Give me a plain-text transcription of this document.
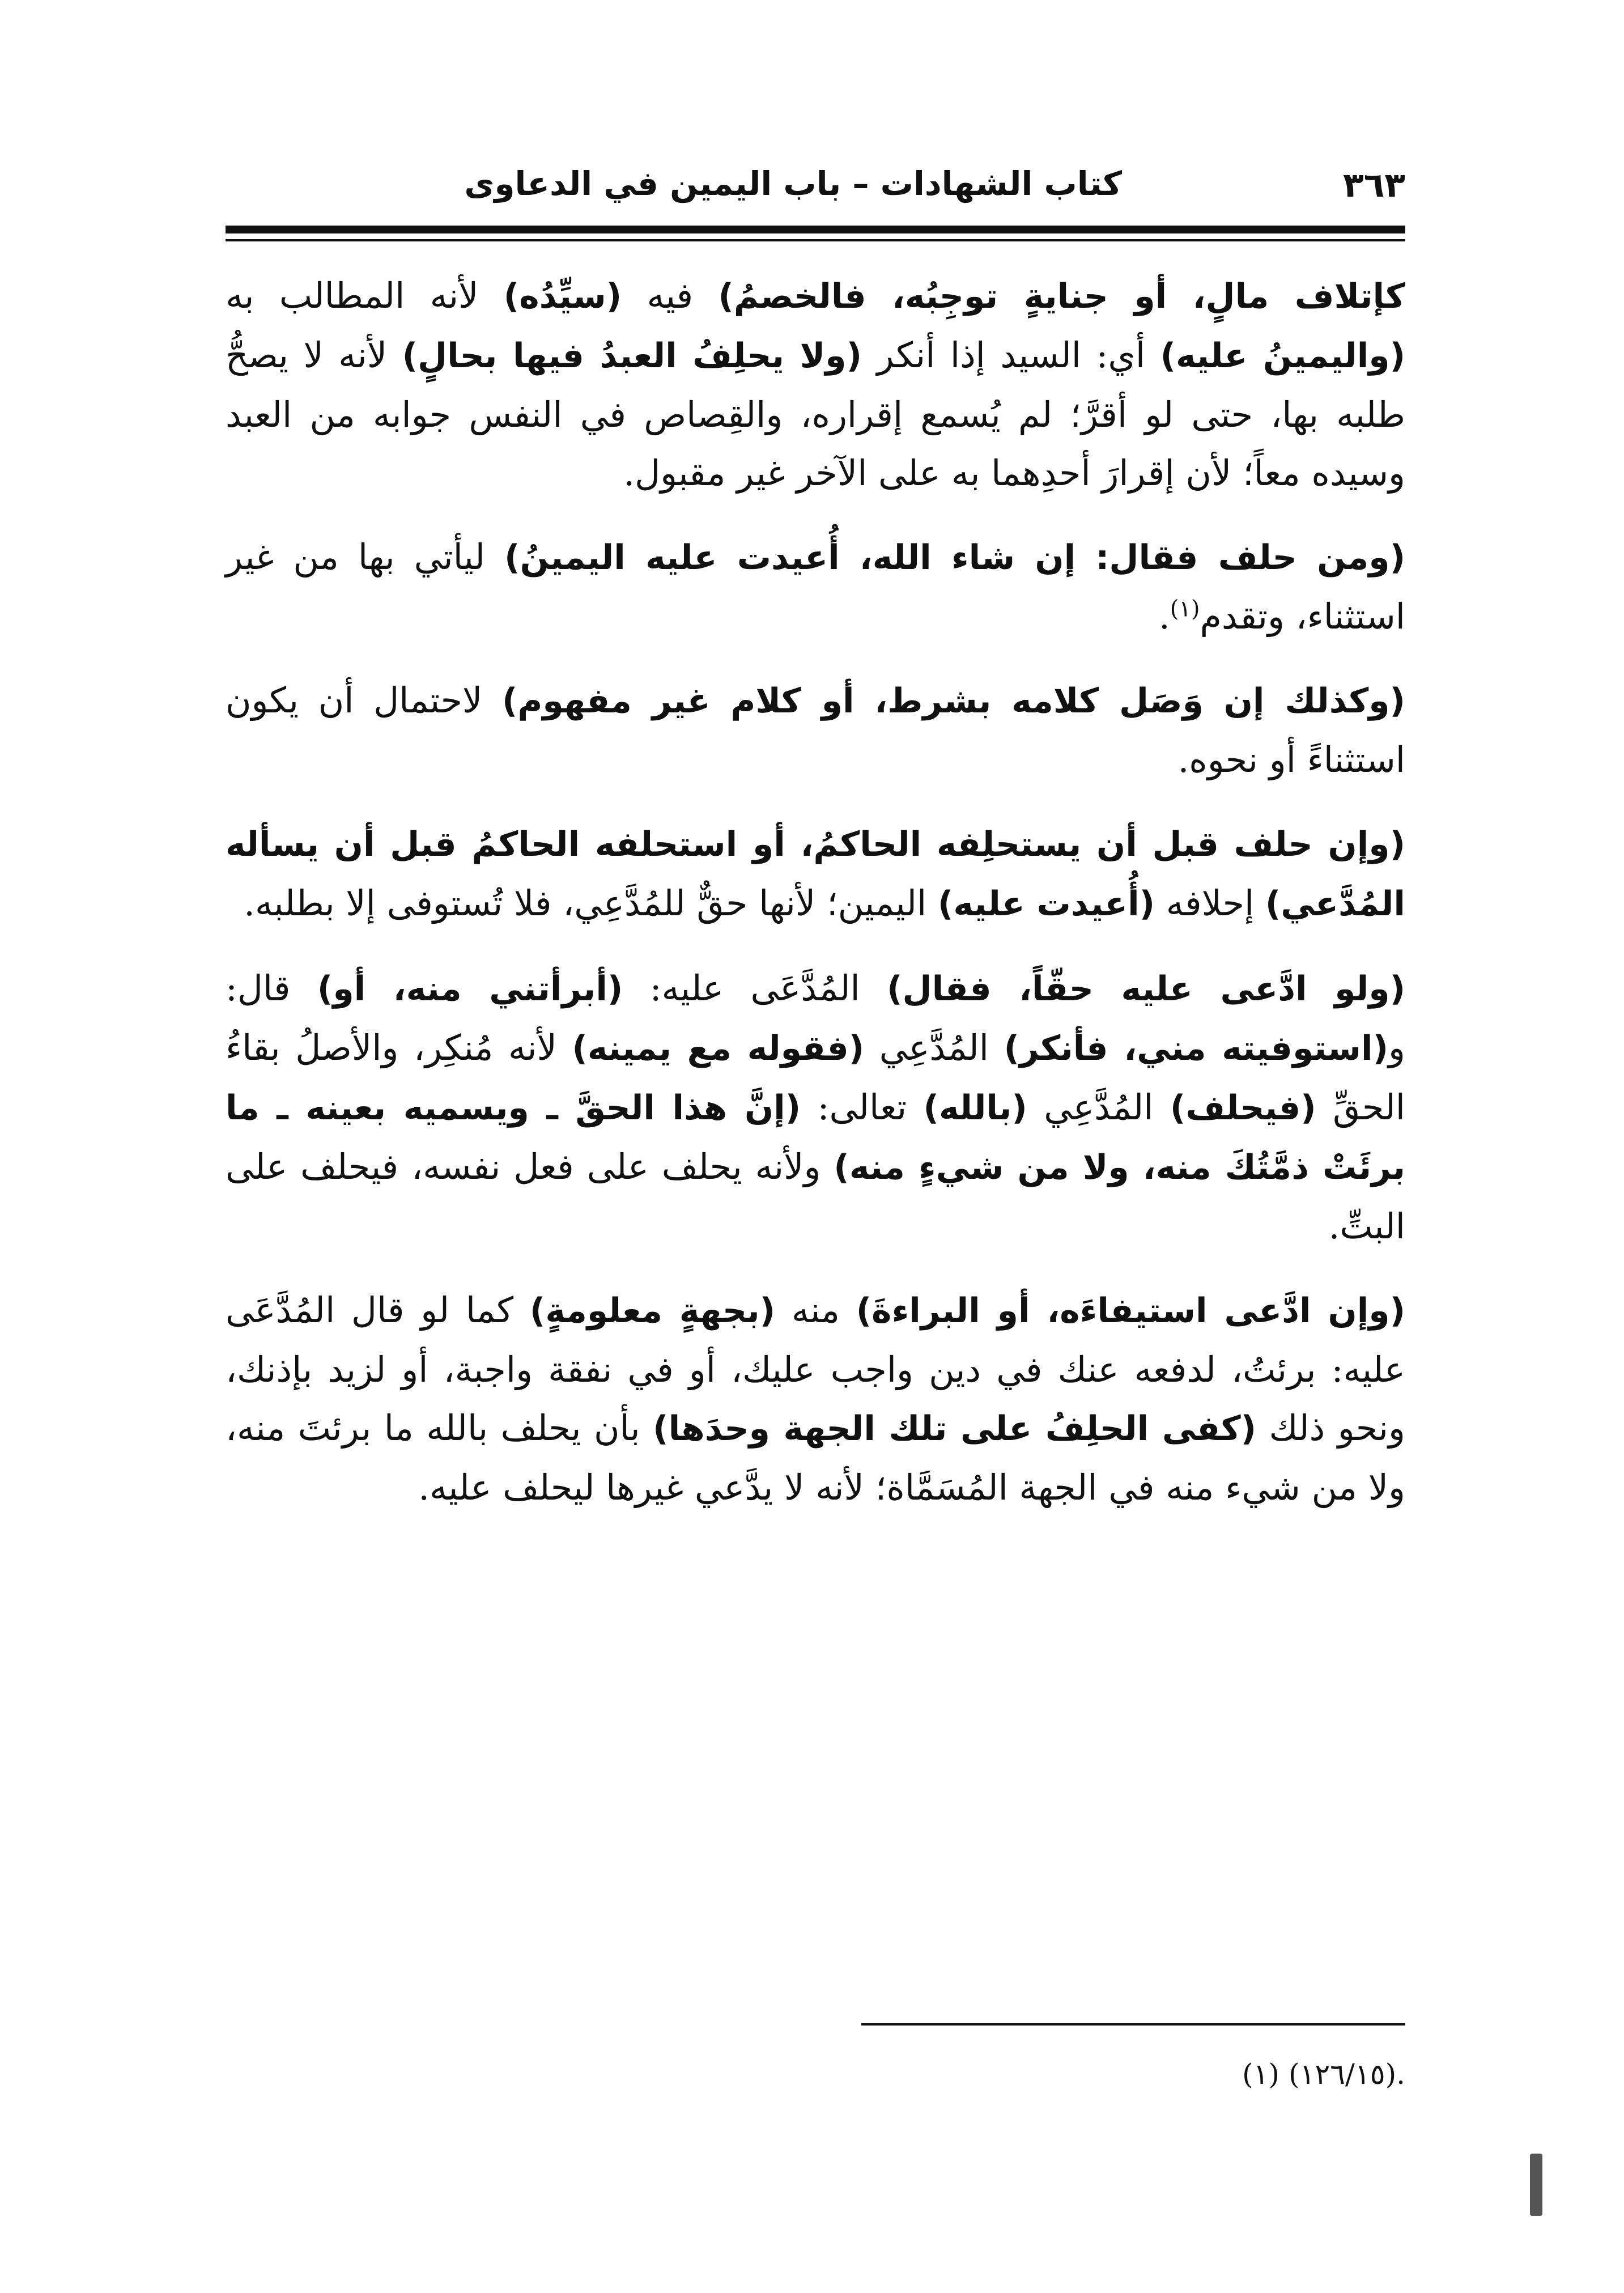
كتاب الشهادات – باب اليمين في الدعاوى	٣٦٣

كإتلاف مالٍ، أو جنايةٍ توجِبُه، فالخصمُ) فيه (سيِّدُه) لأنه المطالب به (واليمينُ عليه) أي: السيد إذا أنكر (ولا يحلِفُ العبدُ فيها بحالٍ) لأنه لا يصحُّ طلبه بها، حتى لو أقرَّ؛ لم يُسمع إقراره، والقِصاص في النفس جوابه من العبد وسيده معاً؛ لأن إقرارَ أحدِهما به على الآخر غير مقبول.

(ومن حلف فقال: إن شاء الله، أُعيدت عليه اليمينُ) ليأتي بها من غير استثناء، وتقدم$^{(١)}$.

(وكذلك إن وَصَل كلامه بشرط، أو كلام غير مفهوم) لاحتمال أن يكون استثناءً أو نحوه.

(وإن حلف قبل أن يستحلِفه الحاكمُ، أو استحلفه الحاكمُ قبل أن يسأله المُدَّعي) إحلافه (أُعيدت عليه) اليمين؛ لأنها حقٌّ للمُدَّعِي، فلا تُستوفى إلا بطلبه.

(ولو ادَّعى عليه حقّاً، فقال) المُدَّعَى عليه: (أبرأتني منه، أو) قال: و(استوفيته مني، فأنكر) المُدَّعِي (فقوله مع يمينه) لأنه مُنكِر، والأصلُ بقاءُ الحقِّ (فيحلف) المُدَّعِي (بالله) تعالى: (إنَّ هذا الحقَّ ـ ويسميه بعينه ـ ما برئَتْ ذمَّتُكَ منه، ولا من شيءٍ منه) ولأنه يحلف على فعل نفسه، فيحلف على البتِّ.

(وإن ادَّعى استيفاءَه، أو البراءةَ) منه (بجهةٍ معلومةٍ) كما لو قال المُدَّعَى عليه: برئتُ، لدفعه عنك في دين واجب عليك، أو في نفقة واجبة، أو لزيد بإذنك، ونحو ذلك (كفى الحلِفُ على تلك الجهة وحدَها) بأن يحلف بالله ما برئتَ منه، ولا من شيء منه في الجهة المُسَمَّاة؛ لأنه لا يدَّعي غيرها ليحلف عليه.

.(١٢٦/١٥) (١)
